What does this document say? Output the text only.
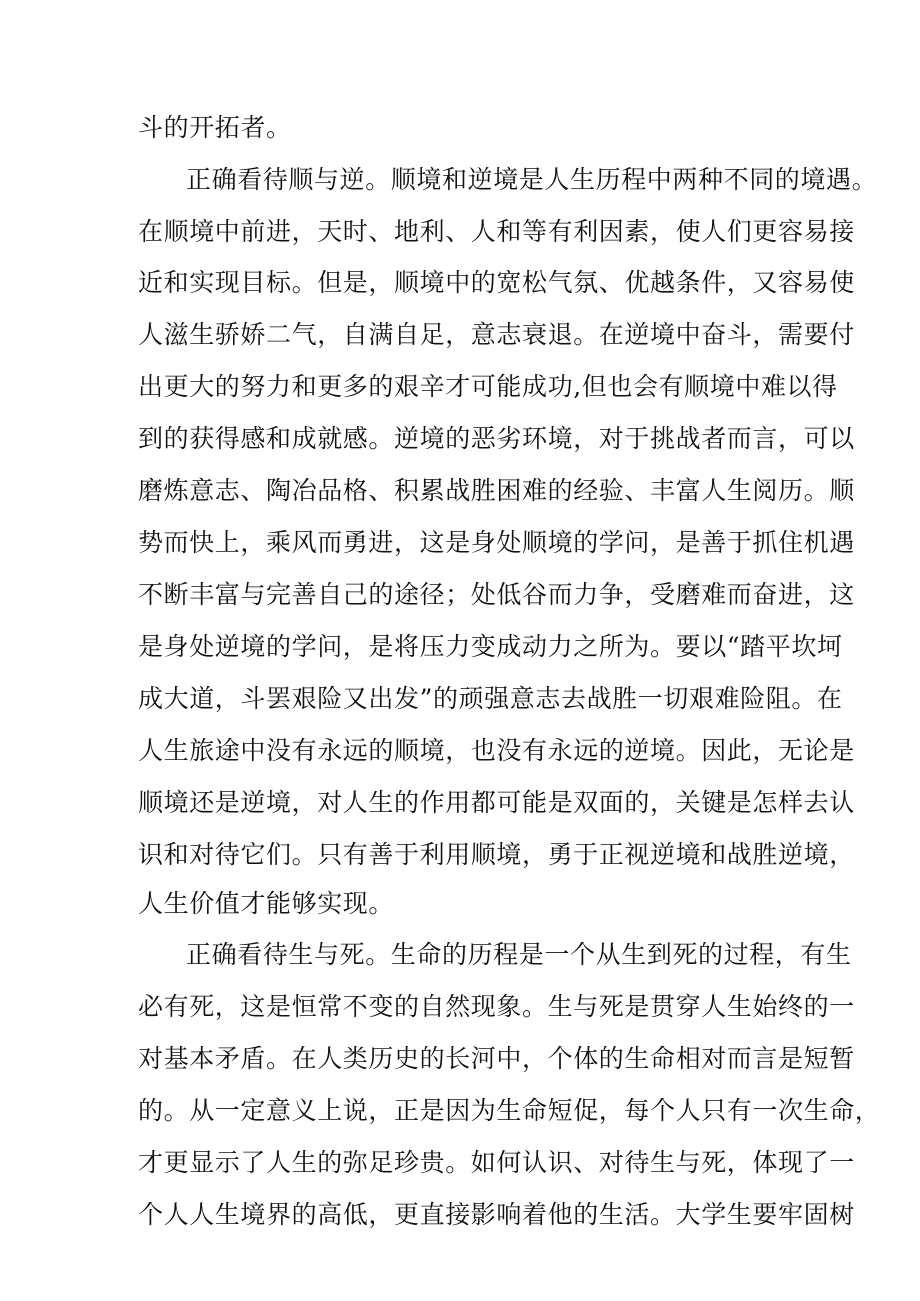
斗的开拓者。
正确看待顺与逆。顺境和逆境是人生历程中两种不同的境遇。
在顺境中前进，天时、地利、人和等有利因素，使人们更容易接
近和实现目标。但是，顺境中的宽松气氛、优越条件，又容易使
人滋生骄娇二气，自满自足，意志衰退。在逆境中奋斗，需要付
出更大的努力和更多的艰辛才可能成功,但也会有顺境中难以得
到的获得感和成就感。逆境的恶劣环境，对于挑战者而言，可以
磨炼意志、陶冶品格、积累战胜困难的经验、丰富人生阅历。顺
势而快上，乘风而勇进，这是身处顺境的学问，是善于抓住机遇
不断丰富与完善自己的途径；处低谷而力争，受磨难而奋进，这
是身处逆境的学问，是将压力变成动力之所为。要以“踏平坎坷
成大道，斗罢艰险又出发”的顽强意志去战胜一切艰难险阻。在
人生旅途中没有永远的顺境，也没有永远的逆境。因此，无论是
顺境还是逆境，对人生的作用都可能是双面的，关键是怎样去认
识和对待它们。只有善于利用顺境，勇于正视逆境和战胜逆境，
人生价值才能够实现。
正确看待生与死。生命的历程是一个从生到死的过程，有生
必有死，这是恒常不变的自然现象。生与死是贯穿人生始终的一
对基本矛盾。在人类历史的长河中，个体的生命相对而言是短暂
的。从一定意义上说，正是因为生命短促，每个人只有一次生命，
才更显示了人生的弥足珍贵。如何认识、对待生与死，体现了一
个人人生境界的高低，更直接影响着他的生活。大学生要牢固树
